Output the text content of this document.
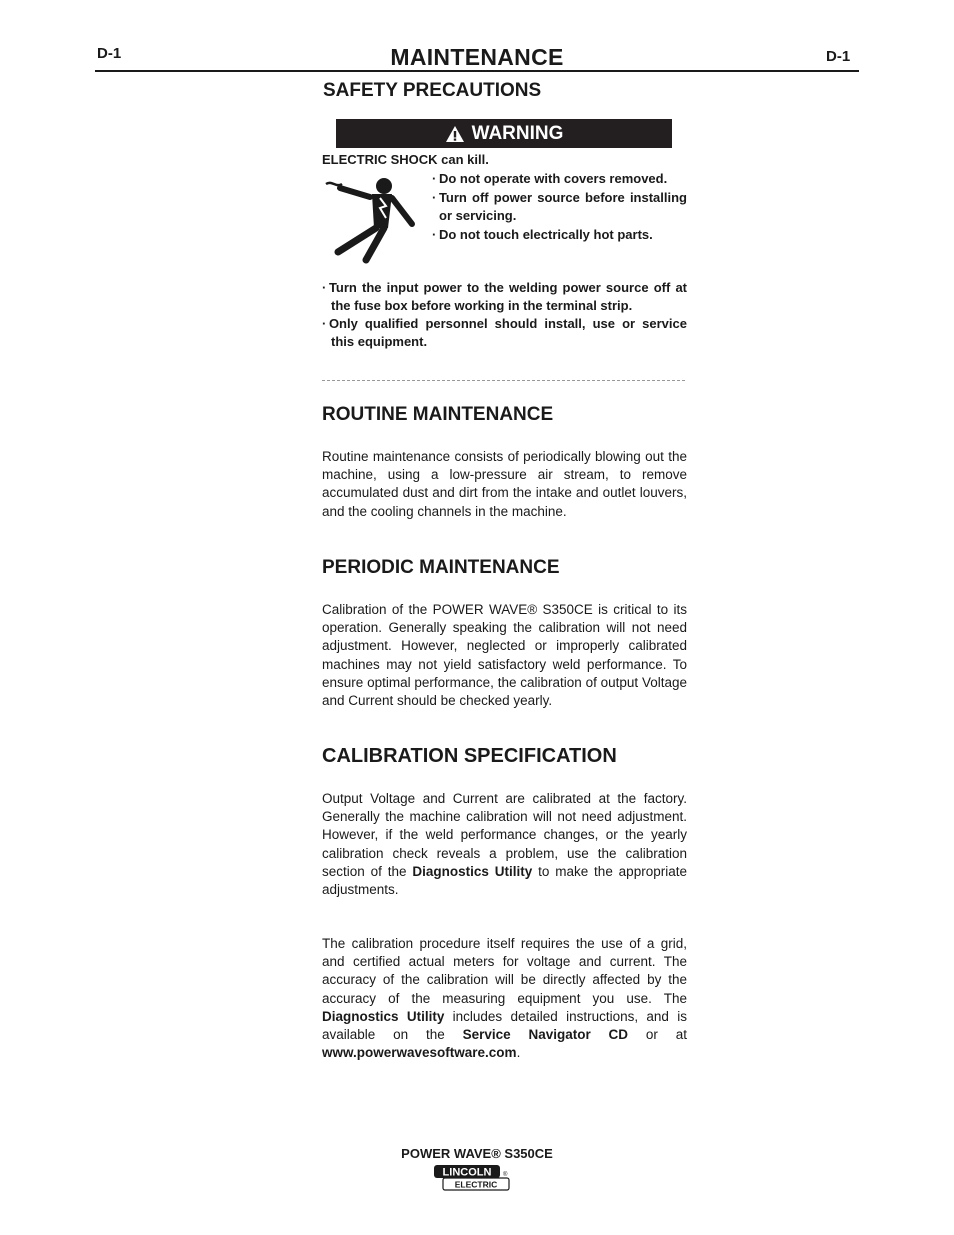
D-1	MAINTENANCE	D-1
SAFETY PRECAUTIONS
WARNING
ELECTRIC SHOCK can kill.
· Do not operate with covers removed.
· Turn off power source before installing or servicing.
· Do not touch electrically hot parts.
· Turn the input power to the welding power source off at the fuse box before working in the terminal strip.
· Only qualified personnel should install, use or service this equipment.
ROUTINE MAINTENANCE

Routine maintenance consists of periodically blowing out the machine, using a low-pressure air stream, to remove accumulated dust and dirt from the intake and outlet louvers, and the cooling channels in the machine.

PERIODIC MAINTENANCE

Calibration of the POWER WAVE® S350CE is critical to its operation. Generally speaking the calibration will not need adjustment. However, neglected or improperly calibrated machines may not yield satisfactory weld performance. To ensure optimal performance, the calibration of output Voltage and Current should be checked yearly.

CALIBRATION SPECIFICATION

Output Voltage and Current are calibrated at the factory. Generally the machine calibration will not need adjustment. However, if the weld performance changes, or the yearly calibration check reveals a problem, use the calibration section of the Diagnostics Utility to make the appropriate adjustments.

The calibration procedure itself requires the use of a grid, and certified actual meters for voltage and current. The accuracy of the calibration will be directly affected by the accuracy of the measuring equipment you use. The Diagnostics Utility includes detailed instructions, and is available on the Service Navigator CD or at www.powerwavesoftware.com.

POWER WAVE® S350CE
LINCOLN
ELECTRIC
®
